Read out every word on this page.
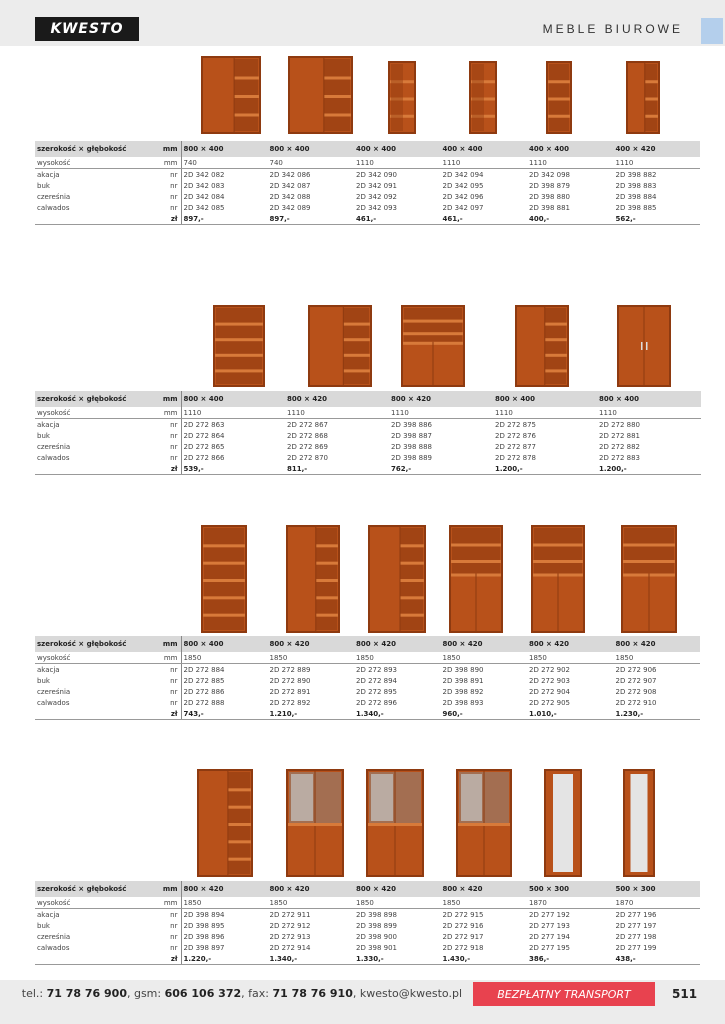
KWESTO	MEBLE BIUROWE
szerokość × głębokość mm	800 × 400	800 × 400	400 × 400	400 × 400	400 × 400	400 × 420

wysokość mm	740	740	1110	1110	1110	1110

akacja nr	2D 342 082	2D 342 086	2D 342 090	2D 342 094	2D 342 098	2D 398 882

buk nr	2D 342 083	2D 342 087	2D 342 091	2D 342 095	2D 398 879	2D 398 883

czereśnia nr	2D 342 084	2D 342 088	2D 342 092	2D 342 096	2D 398 880	2D 398 884

calwados nr	2D 342 085	2D 342 089	2D 342 093	2D 342 097	2D 398 881	2D 398 885
zł	897,-	897,-	461,-	461,-	400,-	562,-
szerokość × głębokość mm	800 × 400	800 × 420	800 × 420	800 × 400	800 × 400

wysokość mm	1110	1110	1110	1110	1110

akacja nr	2D 272 863	2D 272 867	2D 398 886	2D 272 875	2D 272 880

buk nr	2D 272 864	2D 272 868	2D 398 887	2D 272 876	2D 272 881

czereśnia nr	2D 272 865	2D 272 869	2D 398 888	2D 272 877	2D 272 882

calwados nr	2D 272 866	2D 272 870	2D 398 889	2D 272 878	2D 272 883
zł	539,-	811,-	762,-	1.200,-	1.200,-
szerokość × głębokość mm	800 × 400	800 × 420	800 × 420	800 × 420	800 × 420	800 × 420

wysokość mm	1850	1850	1850	1850	1850	1850

akacja nr	2D 272 884	2D 272 889	2D 272 893	2D 398 890	2D 272 902	2D 272 906

buk nr	2D 272 885	2D 272 890	2D 272 894	2D 398 891	2D 272 903	2D 272 907

czereśnia nr	2D 272 886	2D 272 891	2D 272 895	2D 398 892	2D 272 904	2D 272 908

calwados nr	2D 272 888	2D 272 892	2D 272 896	2D 398 893	2D 272 905	2D 272 910
zł	743,-	1.210,-	1.340,-	960,-	1.010,-	1.230,-
szerokość × głębokość mm	800 × 420	800 × 420	800 × 420	800 × 420	500 × 300	500 × 300

wysokość mm	1850	1850	1850	1850	1870	1870

akacja nr	2D 398 894	2D 272 911	2D 398 898	2D 272 915	2D 277 192	2D 277 196

buk nr	2D 398 895	2D 272 912	2D 398 899	2D 272 916	2D 277 193	2D 277 197

czereśnia nr	2D 398 896	2D 272 913	2D 398 900	2D 272 917	2D 277 194	2D 277 198

calwados nr	2D 398 897	2D 272 914	2D 398 901	2D 272 918	2D 277 195	2D 277 199
zł	1.220,-	1.340,-	1.330,-	1.430,-	386,-	438,-
tel.: 71 78 76 900, gsm: 606 106 372, fax: 71 78 76 910, kwesto@kwesto.pl	BEZPŁATNY TRANSPORT	511
